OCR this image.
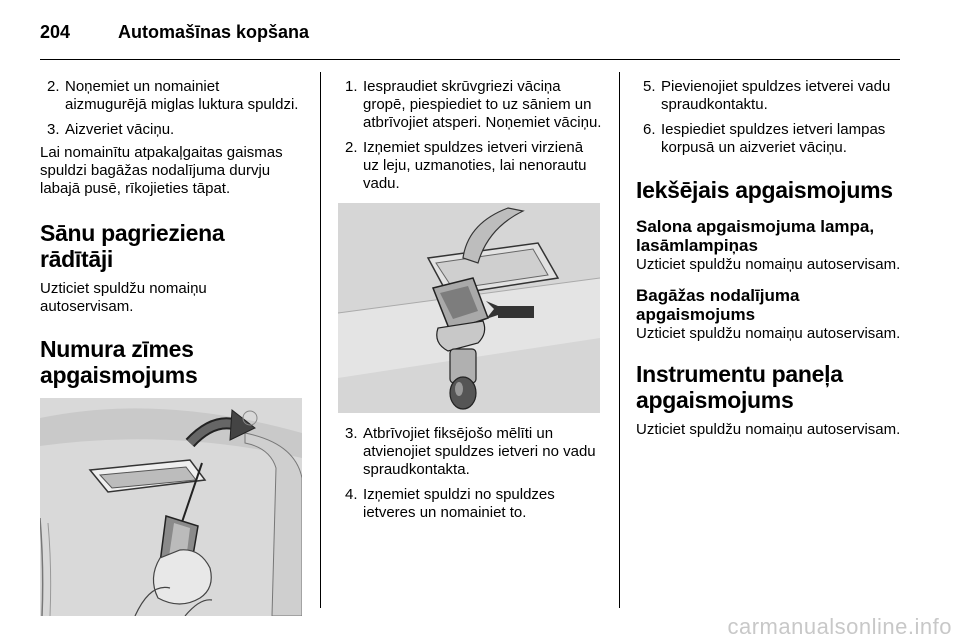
204	Automašīnas kopšana
2. Noņemiet un nomainiet aizmugurējā miglas luktura spuldzi.
3. Aizveriet vāciņu.

Lai nomainītu atpakaļgaitas gaismas spuldzi bagāžas nodalījuma durvju labajā pusē, rīkojieties tāpat.

Sānu pagrieziena rādītāji

Uzticiet spuldžu nomaiņu autoservisam.

Numura zīmes
apgaismojums
1. Iespraudiet skrūvgriezi vāciņa gropē, piespiediet to uz sāniem un atbrīvojiet atsperi. Noņemiet vāciņu.
2. Izņemiet spuldzes ietveri virzienā uz leju, uzmanoties, lai nenorautu vadu.
3. Atbrīvojiet fiksējošo mēlīti un atvienojiet spuldzes ietveri no vadu spraudkontakta.
4. Izņemiet spuldzi no spuldzes ietveres un nomainiet to.
5. Pievienojiet spuldzes ietverei vadu spraudkontaktu.
6. Iespiediet spuldzes ietveri lampas korpusā un aizveriet vāciņu.
Iekšējais apgaismojums
Salona apgaismojuma lampa,
lasāmlampiņas

Uzticiet spuldžu nomaiņu autoservisam.

Bagāžas nodalījuma
apgaismojums

Uzticiet spuldžu nomaiņu autoservisam.

Instrumentu paneļa
apgaismojums

Uzticiet spuldžu nomaiņu autoservisam.

carmanualsonline.info
